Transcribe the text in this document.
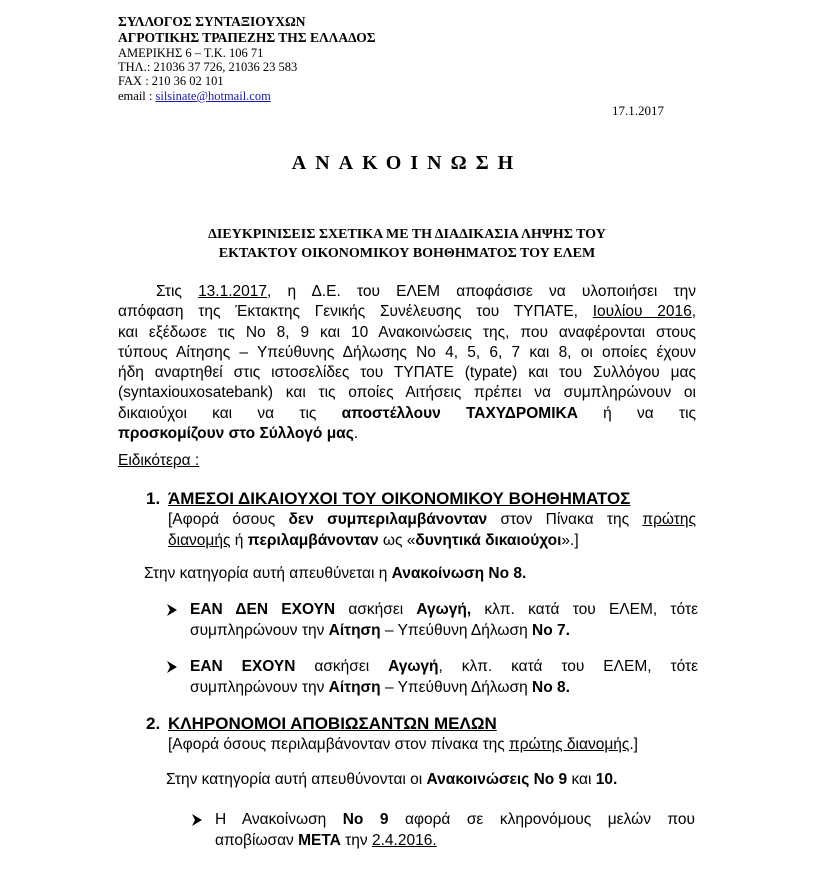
ΣΥΛΛΟΓΟΣ ΣΥΝΤΑΞΙΟΥΧΩΝ
ΑΓΡΟΤΙΚΗΣ ΤΡΑΠΕΖΗΣ ΤΗΣ ΕΛΛΑΔΟΣ
ΑΜΕΡΙΚΗΣ 6 – Τ.Κ. 106 71
ΤΗΛ.: 21036 37 726, 21036 23 583
FAX : 210 36 02 101
email : silsinate@hotmail.com
17.1.2017
ΑΝΑΚΟΙΝΩΣΗ
ΔΙΕΥΚΡΙΝΙΣΕΙΣ ΣΧΕΤΙΚΑ ΜΕ ΤΗ ΔΙΑΔΙΚΑΣΙΑ ΛΗΨΗΣ ΤΟΥ
ΕΚΤΑΚΤΟΥ ΟΙΚΟΝΟΜΙΚΟΥ ΒΟΗΘΗΜΑΤΟΣ ΤΟΥ ΕΛΕΜ
Στις 13.1.2017, η Δ.Ε. του ΕΛΕΜ αποφάσισε να υλοποιήσει την
απόφαση της Έκτακτης Γενικής Συνέλευσης του ΤΥΠΑΤΕ, Ιουλίου 2016,
και εξέδωσε τις Νο 8, 9 και 10 Ανακοινώσεις της, που αναφέρονται στους
τύπους Αίτησης – Υπεύθυνης Δήλωσης Νο 4, 5, 6, 7 και 8, οι οποίες έχουν
ήδη αναρτηθεί στις ιστοσελίδες του ΤΥΠΑΤΕ (typate) και του Συλλόγου μας
(syntaxiouxosatebank) και τις οποίες Αιτήσεις πρέπει να συμπληρώνουν οι
δικαιούχοι και να τις αποστέλλουν ΤΑΧΥΔΡΟΜΙΚΑ ή να τις
προσκομίζουν στο Σύλλογό μας.
Ειδικότερα :
1. ΆΜΕΣΟΙ ΔΙΚΑΙΟΥΧΟΙ ΤΟΥ ΟΙΚΟΝΟΜΙΚΟΥ ΒΟΗΘΗΜΑΤΟΣ
[Αφορά όσους δεν συμπεριλαμβάνονταν στον Πίνακα της πρώτης
διανομής ή περιλαμβάνονταν ως «δυνητικά δικαιούχοι».]
Στην κατηγορία αυτή απευθύνεται η Ανακοίνωση Νο 8.
ΕΑΝ ΔΕΝ ΕΧΟΥΝ ασκήσει Αγωγή, κλπ. κατά του ΕΛΕΜ, τότε
συμπληρώνουν την Αίτηση – Υπεύθυνη Δήλωση Νο 7.
ΕΑΝ ΕΧΟΥΝ ασκήσει Αγωγή, κλπ. κατά του ΕΛΕΜ, τότε
συμπληρώνουν την Αίτηση – Υπεύθυνη Δήλωση Νο 8.
2. ΚΛΗΡΟΝΟΜΟΙ ΑΠΟΒΙΩΣΑΝΤΩΝ ΜΕΛΩΝ
[Αφορά όσους περιλαμβάνονταν στον πίνακα της πρώτης διανομής.]
Στην κατηγορία αυτή απευθύνονται οι Ανακοινώσεις Νο 9 και 10.
Η Ανακοίνωση Νο 9 αφορά σε κληρονόμους μελών που
αποβίωσαν ΜΕΤΑ την 2.4.2016.
